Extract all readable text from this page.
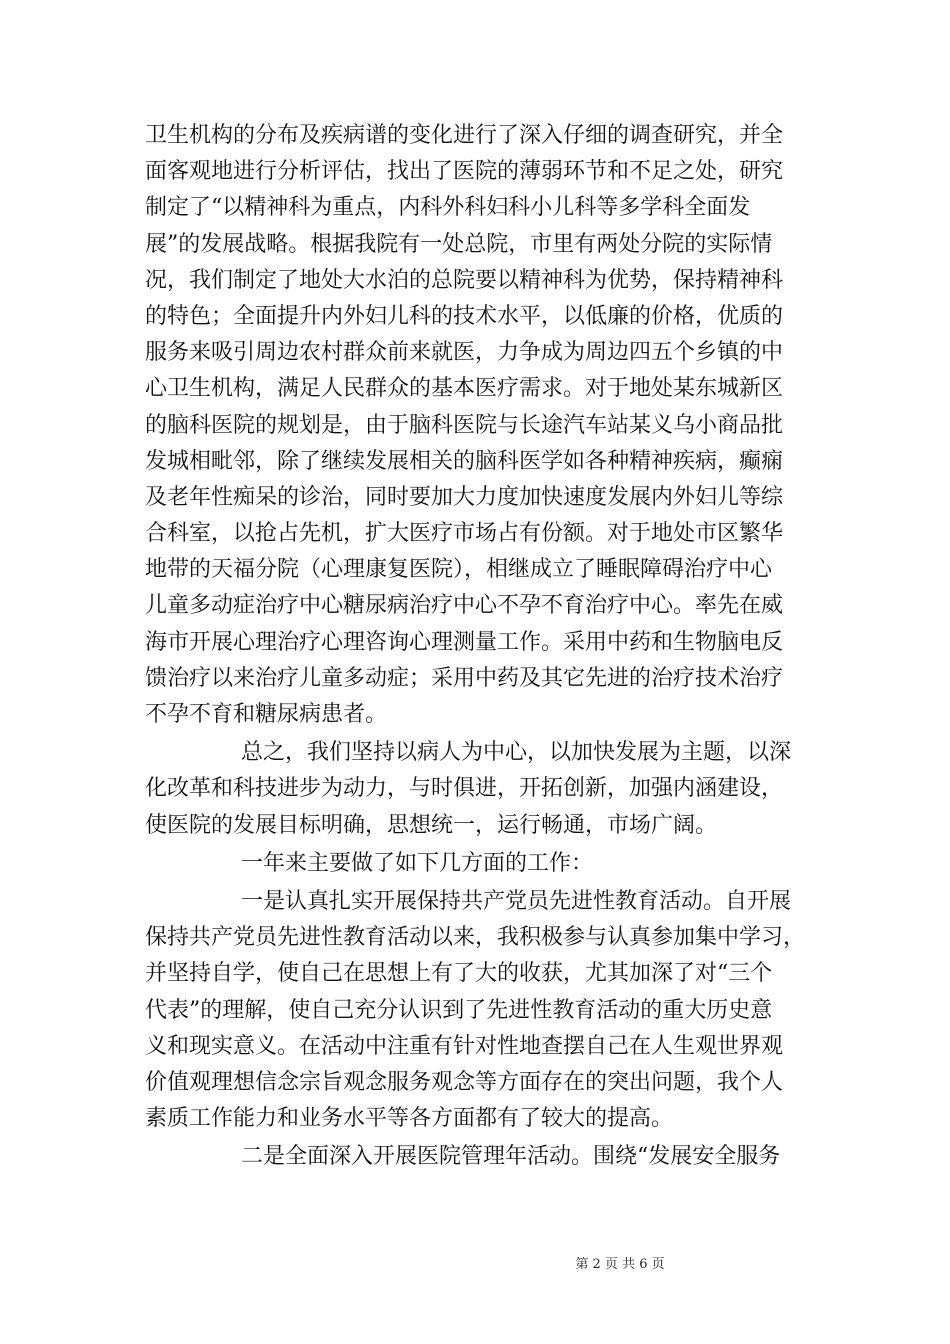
卫生机构的分布及疾病谱的变化进行了深入仔细的调查研究，并全
面客观地进行分析评估，找出了医院的薄弱环节和不足之处，研究
制定了“以精神科为重点，内科外科妇科小儿科等多学科全面发
展”的发展战略。根据我院有一处总院，市里有两处分院的实际情
况，我们制定了地处大水泊的总院要以精神科为优势，保持精神科
的特色；全面提升内外妇儿科的技术水平，以低廉的价格，优质的
服务来吸引周边农村群众前来就医，力争成为周边四五个乡镇的中
心卫生机构，满足人民群众的基本医疗需求。对于地处某东城新区
的脑科医院的规划是，由于脑科医院与长途汽车站某义乌小商品批
发城相毗邻，除了继续发展相关的脑科医学如各种精神疾病，癫痫
及老年性痴呆的诊治，同时要加大力度加快速度发展内外妇儿等综
合科室，以抢占先机，扩大医疗市场占有份额。对于地处市区繁华
地带的天福分院（心理康复医院），相继成立了睡眠障碍治疗中心
儿童多动症治疗中心糖尿病治疗中心不孕不育治疗中心。率先在威
海市开展心理治疗心理咨询心理测量工作。采用中药和生物脑电反
馈治疗以来治疗儿童多动症；采用中药及其它先进的治疗技术治疗
不孕不育和糖尿病患者。
总之，我们坚持以病人为中心，以加快发展为主题，以深
化改革和科技进步为动力，与时俱进，开拓创新，加强内涵建设，
使医院的发展目标明确，思想统一，运行畅通，市场广阔。
一年来主要做了如下几方面的工作：
一是认真扎实开展保持共产党员先进性教育活动。自开展
保持共产党员先进性教育活动以来，我积极参与认真参加集中学习，
并坚持自学，使自己在思想上有了大的收获，尤其加深了对“三个
代表”的理解，使自己充分认识到了先进性教育活动的重大历史意
义和现实意义。在活动中注重有针对性地查摆自己在人生观世界观
价值观理想信念宗旨观念服务观念等方面存在的突出问题，我个人
素质工作能力和业务水平等各方面都有了较大的提高。
二是全面深入开展医院管理年活动。围绕“发展安全服务
第 2 页 共 6 页
